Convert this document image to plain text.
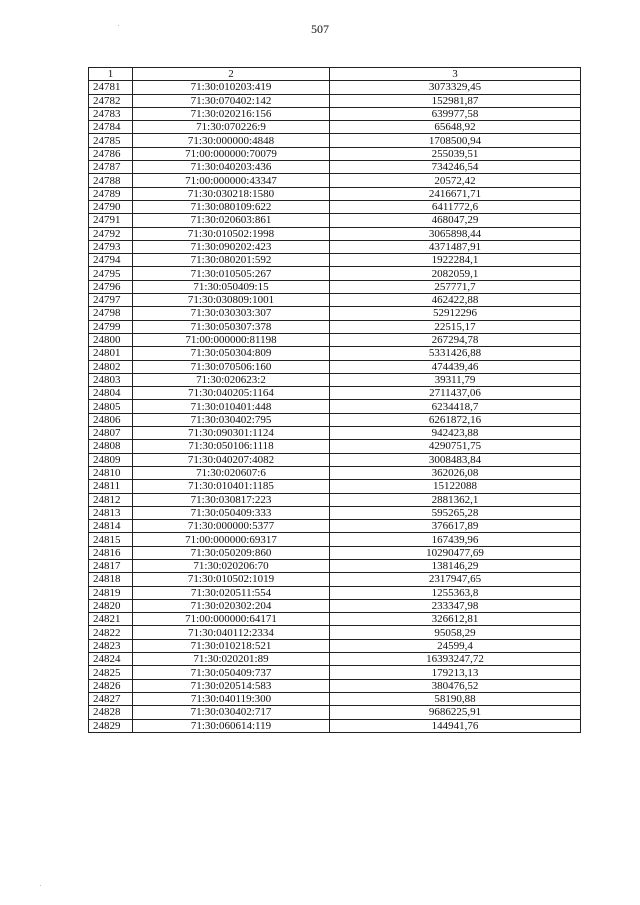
507
1	2	3
24781	71:30:010203:419	3073329,45
24782	71:30:070402:142	152981,87
24783	71:30:020216:156	639977,58
24784	71:30:070226:9	65648,92
24785	71:30:000000:4848	1708500,94
24786	71:00:000000:70079	255039,51
24787	71:30:040203:436	734246,54
24788	71:00:000000:43347	20572,42
24789	71:30:030218:1580	2416671,71
24790	71:30:080109:622	6411772,6
24791	71:30:020603:861	468047,29
24792	71:30:010502:1998	3065898,44
24793	71:30:090202:423	4371487,91
24794	71:30:080201:592	1922284,1
24795	71:30:010505:267	2082059,1
24796	71:30:050409:15	257771,7
24797	71:30:030809:1001	462422,88
24798	71:30:030303:307	52912296
24799	71:30:050307:378	22515,17
24800	71:00:000000:81198	267294,78
24801	71:30:050304:809	5331426,88
24802	71:30:070506:160	474439,46
24803	71:30:020623:2	39311,79
24804	71:30:040205:1164	2711437,06
24805	71:30:010401:448	6234418,7
24806	71:30:030402:795	6261872,16
24807	71:30:090301:1124	942423,88
24808	71:30:050106:1118	4290751,75
24809	71:30:040207:4082	3008483,84
24810	71:30:020607:6	362026,08
24811	71:30:010401:1185	15122088
24812	71:30:030817:223	2881362,1
24813	71:30:050409:333	595265,28
24814	71:30:000000:5377	376617,89
24815	71:00:000000:69317	167439,96
24816	71:30:050209:860	10290477,69
24817	71:30:020206:70	138146,29
24818	71:30:010502:1019	2317947,65
24819	71:30:020511:554	1255363,8
24820	71:30:020302:204	233347,98
24821	71:00:000000:64171	326612,81
24822	71:30:040112:2334	95058,29
24823	71:30:010218:521	24599,4
24824	71:30:020201:89	16393247,72
24825	71:30:050409:737	179213,13
24826	71:30:020514:583	380476,52
24827	71:30:040119:300	58190,88
24828	71:30:030402:717	9686225,91
24829	71:30:060614:119	144941,76
